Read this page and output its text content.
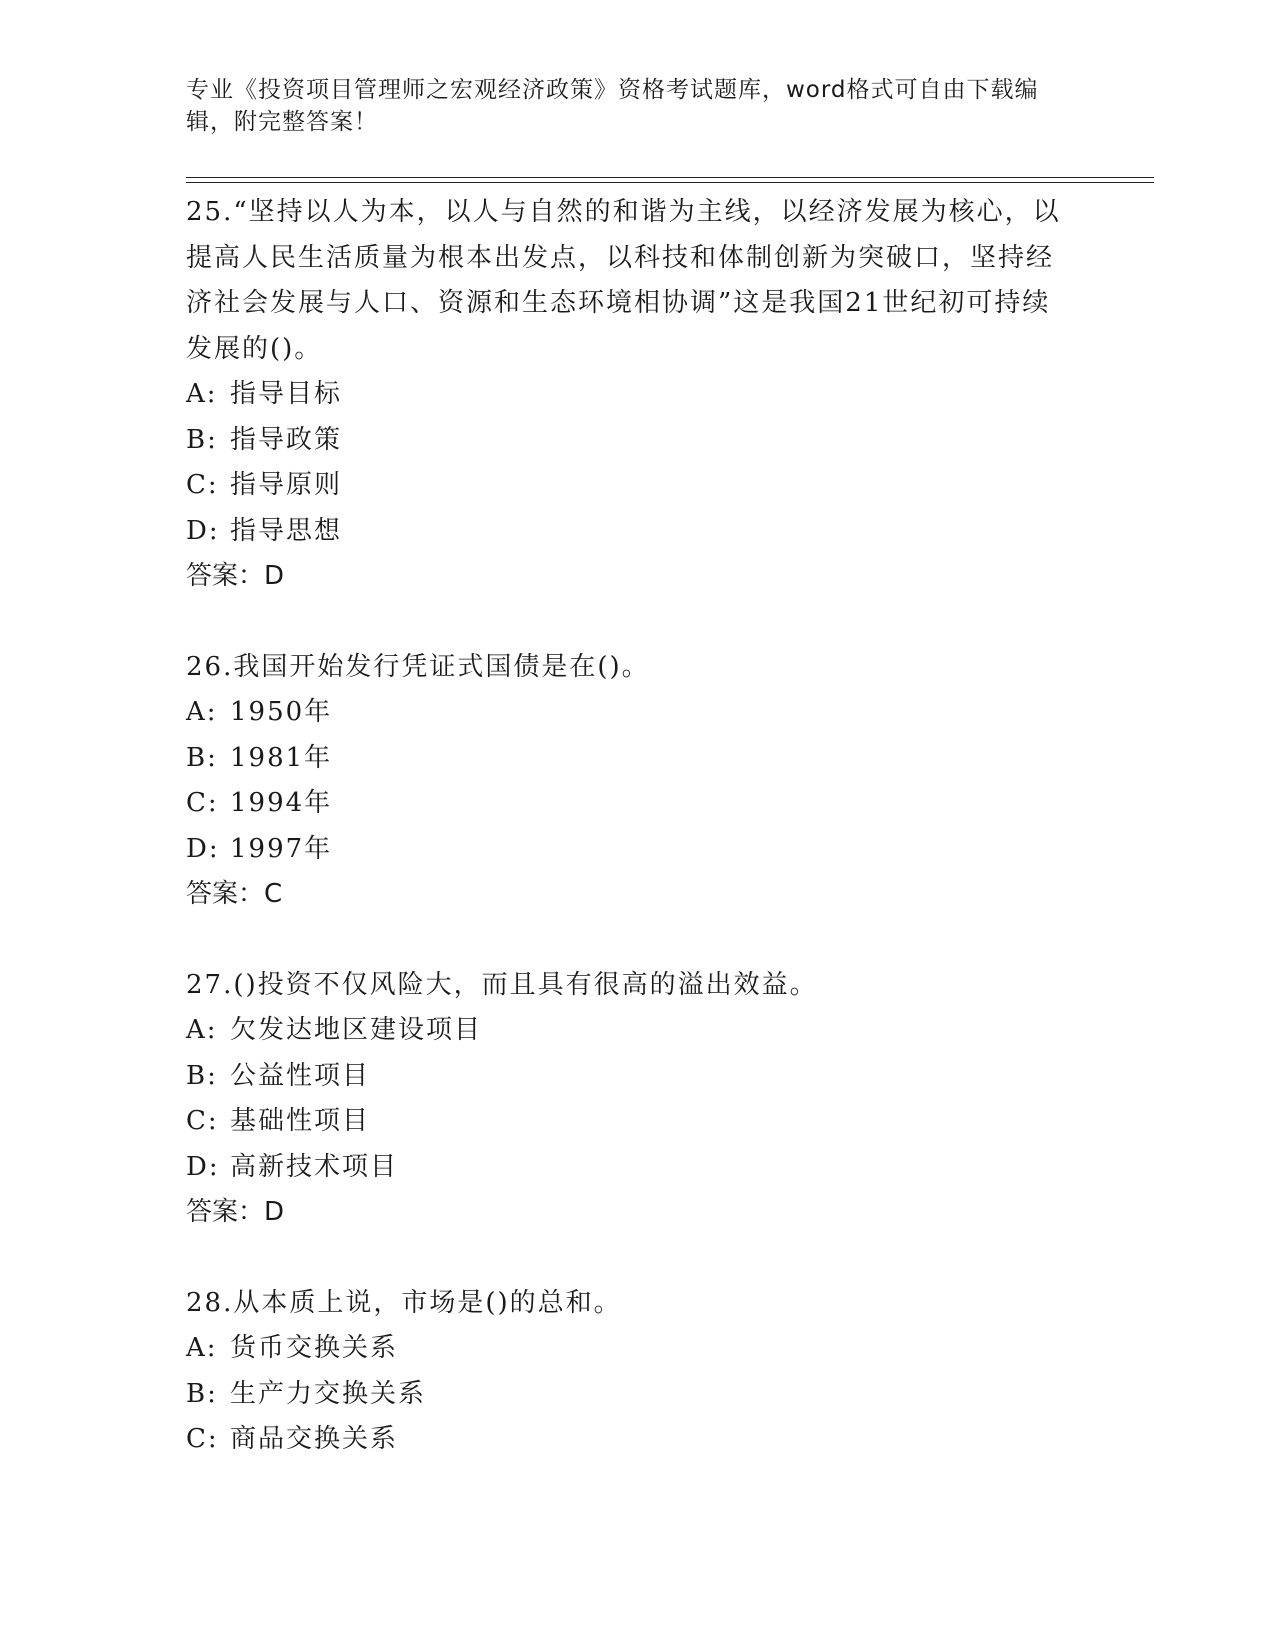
专业《投资项目管理师之宏观经济政策》资格考试题库，word格式可自由下载编辑，附完整答案！

25.“坚持以人为本，以人与自然的和谐为主线，以经济发展为核心，以提高人民生活质量为根本出发点，以科技和体制创新为突破口，坚持经济社会发展与人口、资源和生态环境相协调”这是我国21世纪初可持续发展的()。

A: 指导目标
B: 指导政策
C: 指导原则
D: 指导思想

答案：D

26.我国开始发行凭证式国债是在()。

A: 1950年
B: 1981年
C: 1994年
D: 1997年

答案：C

27.()投资不仅风险大，而且具有很高的溢出效益。

A: 欠发达地区建设项目
B: 公益性项目
C: 基础性项目
D: 高新技术项目

答案：D

28.从本质上说，市场是()的总和。

A: 货币交换关系
B: 生产力交换关系
C: 商品交换关系
